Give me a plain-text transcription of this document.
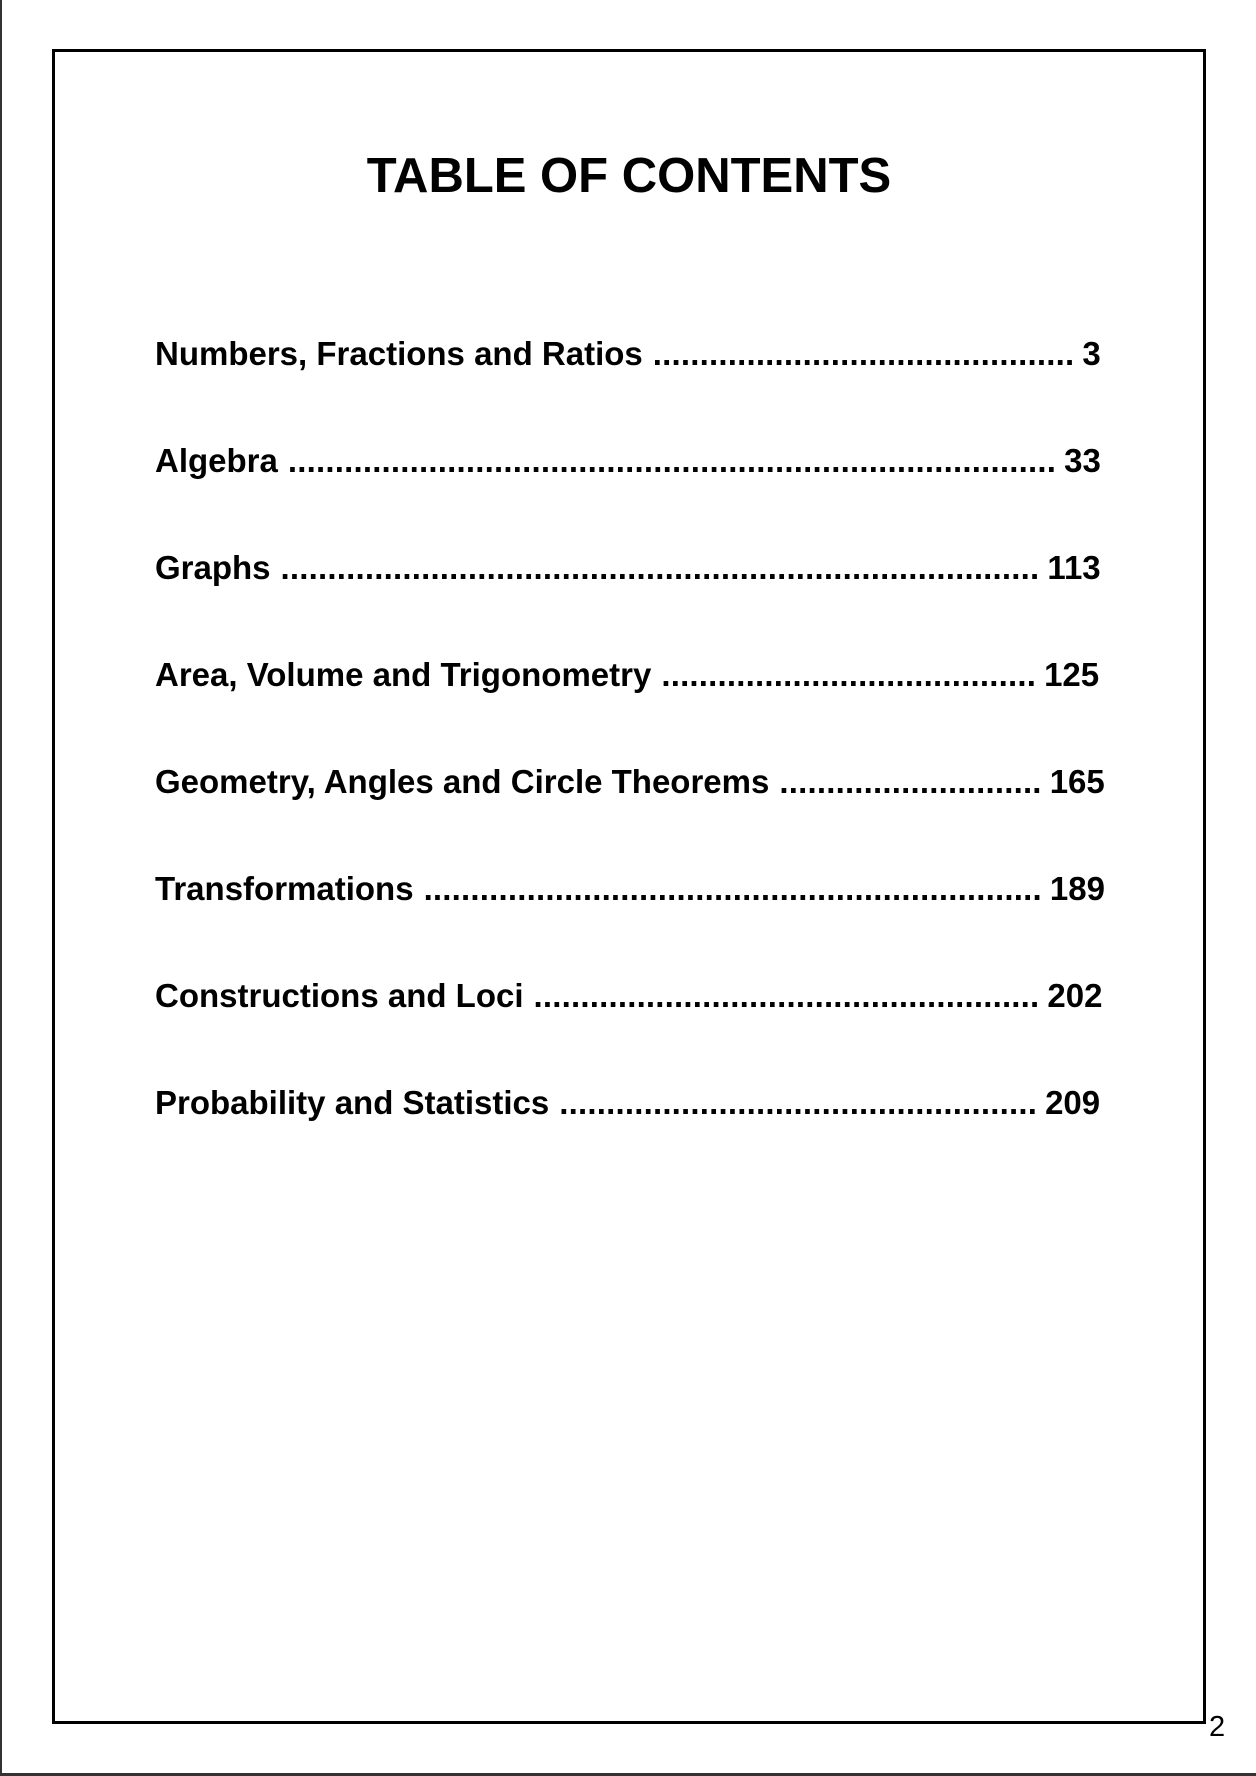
TABLE OF CONTENTS
Numbers, Fractions and Ratios ............................................. 3
Algebra .................................................................................. 33
Graphs ................................................................................. 113
Area, Volume and Trigonometry ........................................ 125
Geometry, Angles and Circle Theorems ............................ 165
Transformations .................................................................. 189
Constructions and Loci ...................................................... 202
Probability and Statistics ................................................... 209
2
